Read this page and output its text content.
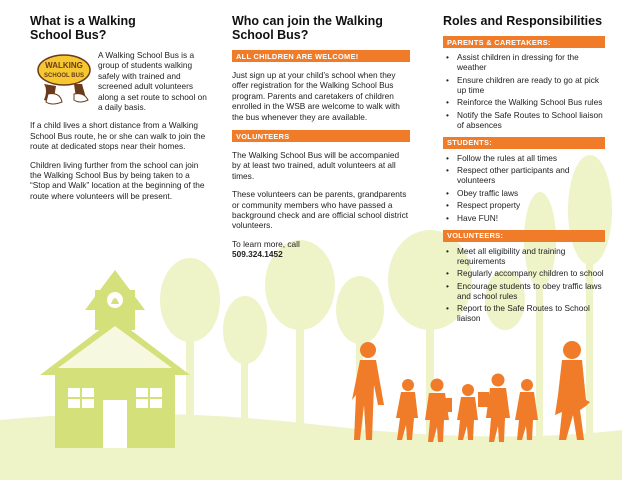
What is a Walking
School Bus?
WALKING
SCHOOL BUS

A Walking School Bus is a group of students walking safely with trained and screened adult volunteers along a set route to school on a daily basis.

If a child lives a short distance from a Walking School Bus route, he or she can walk to join the route at dedicated stops near their homes.

Children living further from the school can join the Walking School Bus by being taken to a “Stop and Walk” location at the beginning of the route where volunteers will be present.

Who can join the Walking
School Bus?
ALL CHILDREN ARE WELCOME!

Just sign up at your child’s school when they offer registration for the Walking School Bus program. Parents and caretakers of children enrolled in the WSB are welcome to walk with the bus whenever they are available.

VOLUNTEERS

The Walking School Bus will be accompanied by at least two trained, adult volunteers at all times.

These volunteers can be parents, grandparents or community members who have passed a background check and are official school district volunteers.

To learn more, call
509.324.1452

Roles and Responsibilities
PARENTS & CARETAKERS:
• Assist children in dressing for the weather
• Ensure children are ready to go at pick up time
• Reinforce the Walking School Bus rules
• Notify the Safe Routes to School liaison of absences
STUDENTS:
• Follow the rules at all times
• Respect other participants and volunteers
• Obey traffic laws
• Respect property
• Have FUN!
VOLUNTEERS:
• Meet all eligibility and training requirements
• Regularly accompany children to school
• Encourage students to obey traffic laws and school rules
• Report to the Safe Routes to School liaison
